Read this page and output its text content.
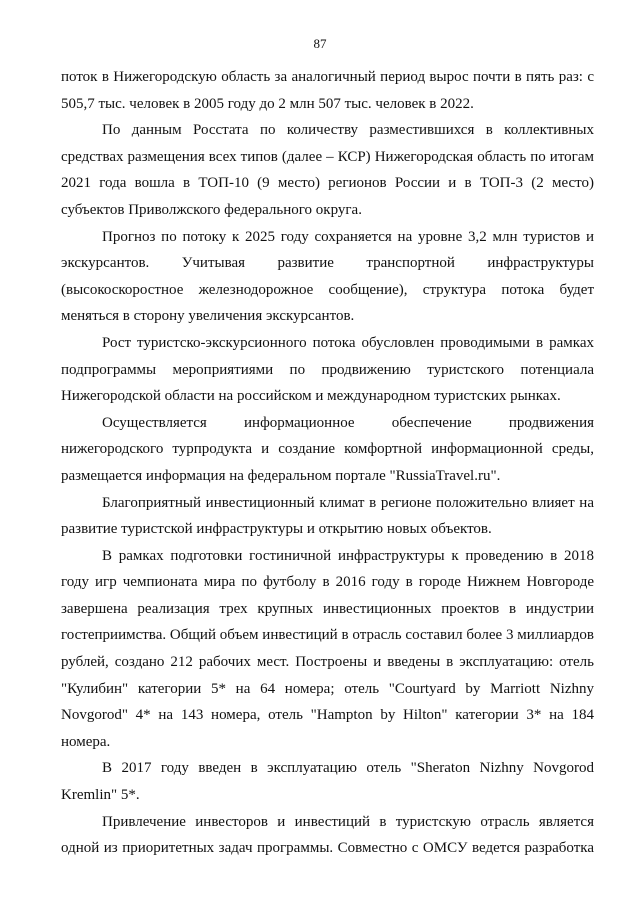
87

поток в Нижегородскую область за аналогичный период вырос почти в пять раз: с 505,7 тыс. человек в 2005 году до 2 млн 507 тыс. человек в 2022.

По данным Росстата по количеству разместившихся в коллективных средствах размещения всех типов (далее – КСР) Нижегородская область по итогам 2021 года вошла в ТОП-10 (9 место) регионов России и в ТОП-3 (2 место) субъектов Приволжского федерального округа.

Прогноз по потоку к 2025 году сохраняется на уровне 3,2 млн туристов и экскурсантов. Учитывая развитие транспортной инфраструктуры (высокоскоростное железнодорожное сообщение), структура потока будет меняться в сторону увеличения экскурсантов.

Рост туристско-экскурсионного потока обусловлен проводимыми в рамках подпрограммы мероприятиями по продвижению туристского потенциала Нижегородской области на российском и международном туристских рынках.

Осуществляется информационное обеспечение продвижения нижегородского турпродукта и создание комфортной информационной среды, размещается информация на федеральном портале "RussiaTravel.ru".

Благоприятный инвестиционный климат в регионе положительно влияет на развитие туристской инфраструктуры и открытию новых объектов.

В рамках подготовки гостиничной инфраструктуры к проведению в 2018 году игр чемпионата мира по футболу в 2016 году в городе Нижнем Новгороде завершена реализация трех крупных инвестиционных проектов в индустрии гостеприимства. Общий объем инвестиций в отрасль составил более 3 миллиардов рублей, создано 212 рабочих мест. Построены и введены в эксплуатацию: отель "Кулибин" категории 5* на 64 номера; отель "Courtyard by Marriott Nizhny Novgorod" 4* на 143 номера, отель "Hampton by Hilton" категории 3* на 184 номера.

В 2017 году введен в эксплуатацию отель "Sheraton Nizhny Novgorod Kremlin" 5*.

Привлечение инвесторов и инвестиций в туристскую отрасль является одной из приоритетных задач программы. Совместно с ОМСУ ведется разработка
